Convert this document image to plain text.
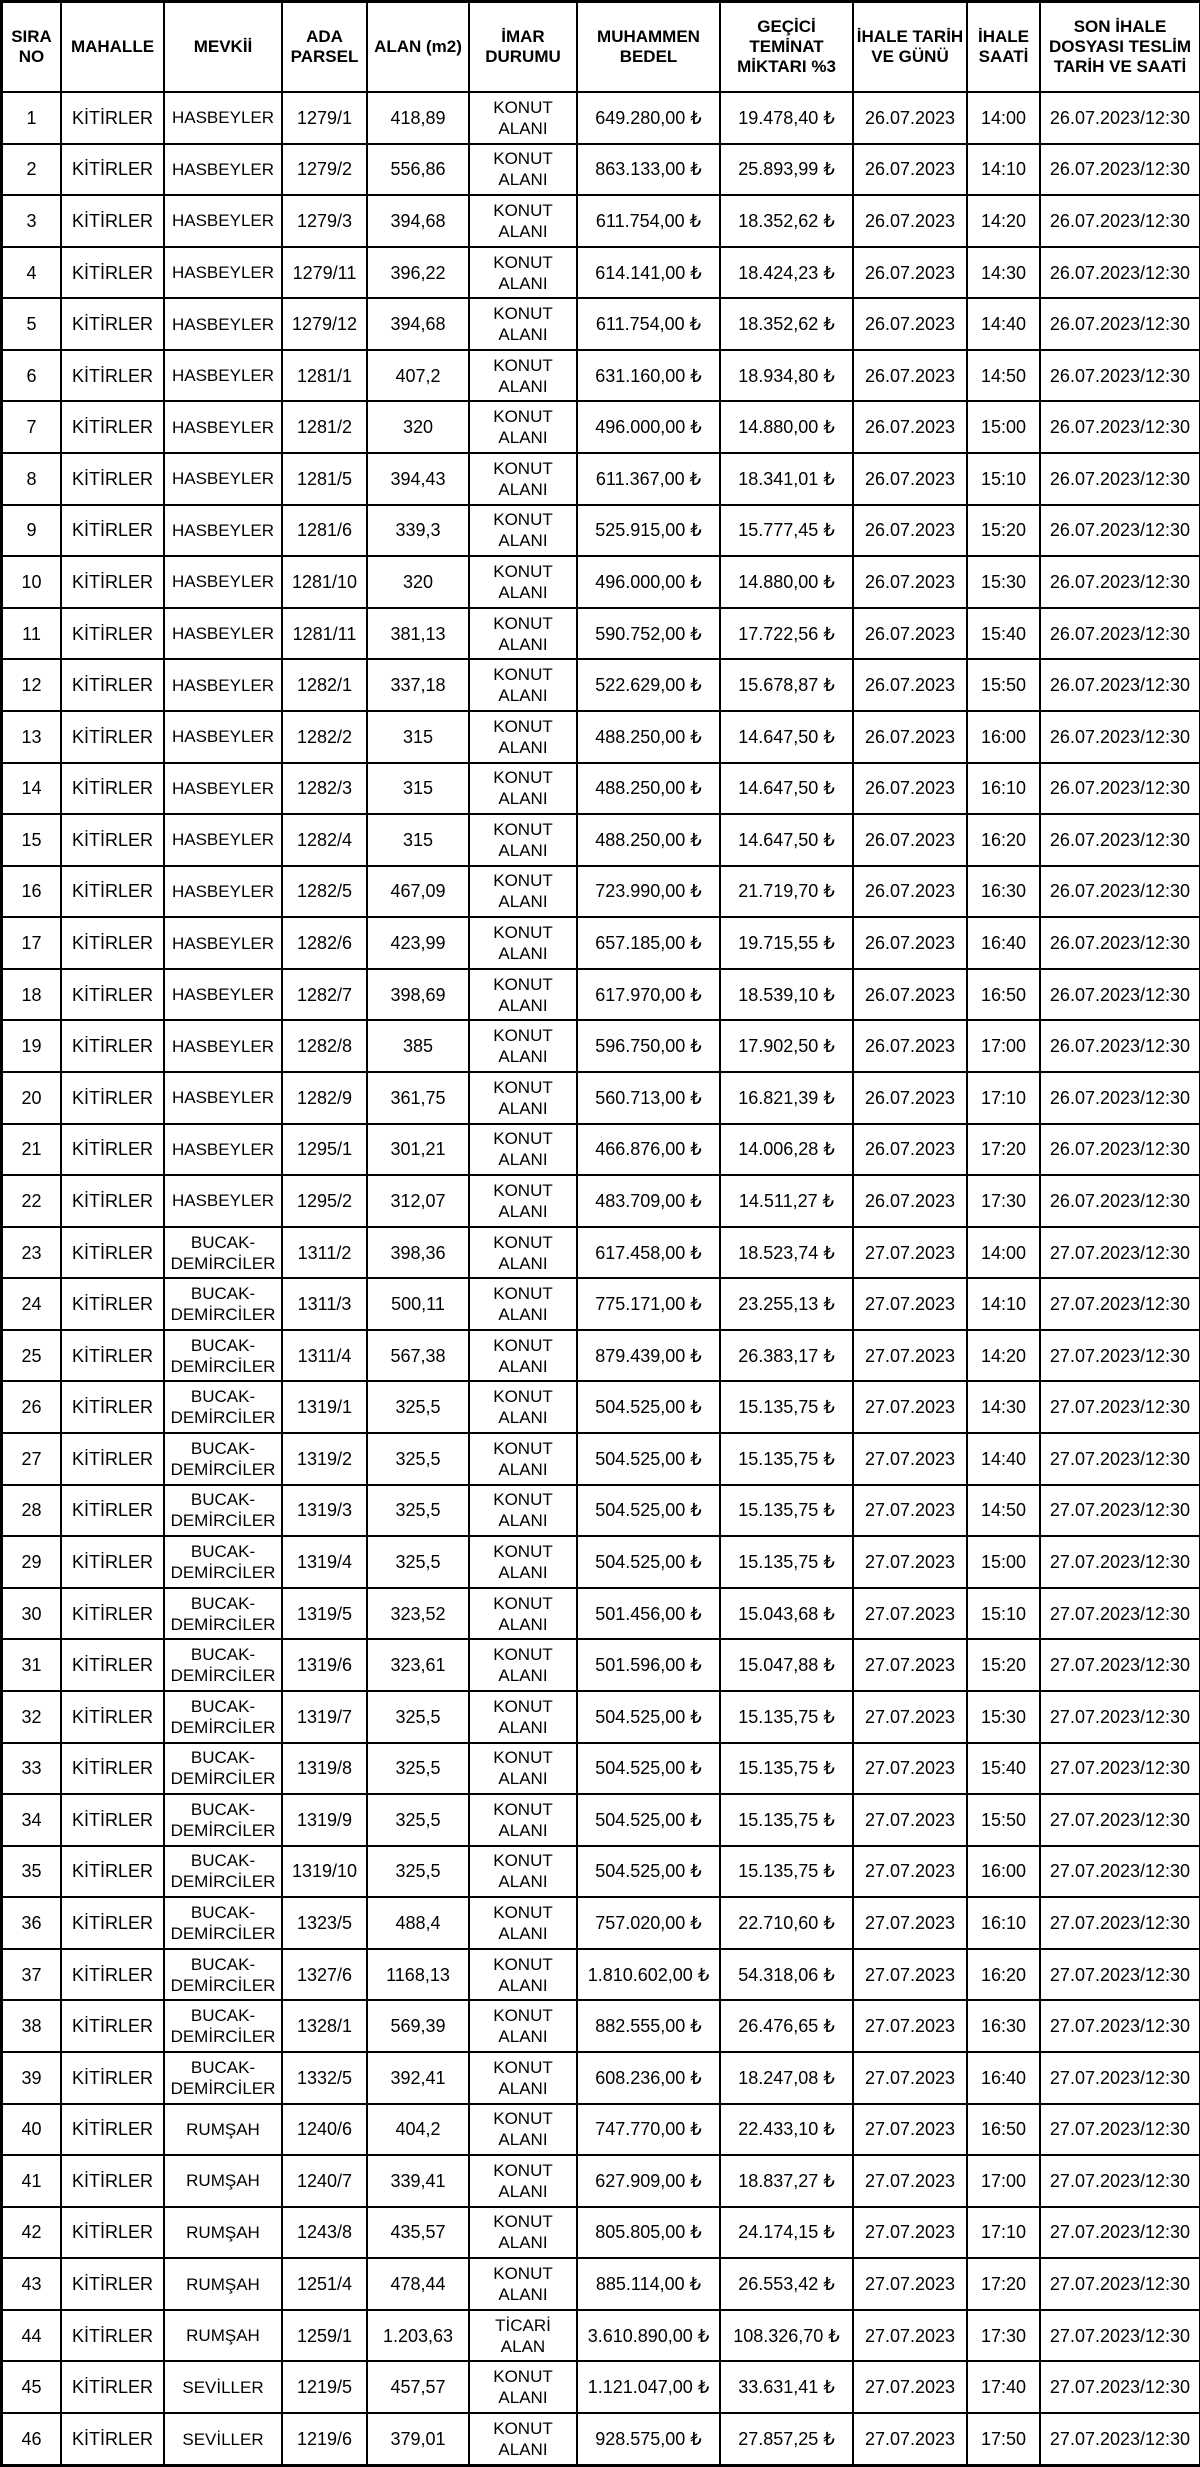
SIRA NO	MAHALLE	MEVKİİ	ADA PARSEL	ALAN (m2)	İMAR DURUMU	MUHAMMEN BEDEL	GEÇİCİ TEMİNAT MİKTARI %3	İHALE TARİH VE GÜNÜ	İHALE SAATİ	SON İHALE DOSYASI TESLİM TARİH VE SAATİ
1	KİTİRLER	HASBEYLER	1279/1	418,89	KONUT ALANI	649.280,00 ₺	19.478,40 ₺	26.07.2023	14:00	26.07.2023/12:30
2	KİTİRLER	HASBEYLER	1279/2	556,86	KONUT ALANI	863.133,00 ₺	25.893,99 ₺	26.07.2023	14:10	26.07.2023/12:30
3	KİTİRLER	HASBEYLER	1279/3	394,68	KONUT ALANI	611.754,00 ₺	18.352,62 ₺	26.07.2023	14:20	26.07.2023/12:30
4	KİTİRLER	HASBEYLER	1279/11	396,22	KONUT ALANI	614.141,00 ₺	18.424,23 ₺	26.07.2023	14:30	26.07.2023/12:30
5	KİTİRLER	HASBEYLER	1279/12	394,68	KONUT ALANI	611.754,00 ₺	18.352,62 ₺	26.07.2023	14:40	26.07.2023/12:30
6	KİTİRLER	HASBEYLER	1281/1	407,2	KONUT ALANI	631.160,00 ₺	18.934,80 ₺	26.07.2023	14:50	26.07.2023/12:30
7	KİTİRLER	HASBEYLER	1281/2	320	KONUT ALANI	496.000,00 ₺	14.880,00 ₺	26.07.2023	15:00	26.07.2023/12:30
8	KİTİRLER	HASBEYLER	1281/5	394,43	KONUT ALANI	611.367,00 ₺	18.341,01 ₺	26.07.2023	15:10	26.07.2023/12:30
9	KİTİRLER	HASBEYLER	1281/6	339,3	KONUT ALANI	525.915,00 ₺	15.777,45 ₺	26.07.2023	15:20	26.07.2023/12:30
10	KİTİRLER	HASBEYLER	1281/10	320	KONUT ALANI	496.000,00 ₺	14.880,00 ₺	26.07.2023	15:30	26.07.2023/12:30
11	KİTİRLER	HASBEYLER	1281/11	381,13	KONUT ALANI	590.752,00 ₺	17.722,56 ₺	26.07.2023	15:40	26.07.2023/12:30
12	KİTİRLER	HASBEYLER	1282/1	337,18	KONUT ALANI	522.629,00 ₺	15.678,87 ₺	26.07.2023	15:50	26.07.2023/12:30
13	KİTİRLER	HASBEYLER	1282/2	315	KONUT ALANI	488.250,00 ₺	14.647,50 ₺	26.07.2023	16:00	26.07.2023/12:30
14	KİTİRLER	HASBEYLER	1282/3	315	KONUT ALANI	488.250,00 ₺	14.647,50 ₺	26.07.2023	16:10	26.07.2023/12:30
15	KİTİRLER	HASBEYLER	1282/4	315	KONUT ALANI	488.250,00 ₺	14.647,50 ₺	26.07.2023	16:20	26.07.2023/12:30
16	KİTİRLER	HASBEYLER	1282/5	467,09	KONUT ALANI	723.990,00 ₺	21.719,70 ₺	26.07.2023	16:30	26.07.2023/12:30
17	KİTİRLER	HASBEYLER	1282/6	423,99	KONUT ALANI	657.185,00 ₺	19.715,55 ₺	26.07.2023	16:40	26.07.2023/12:30
18	KİTİRLER	HASBEYLER	1282/7	398,69	KONUT ALANI	617.970,00 ₺	18.539,10 ₺	26.07.2023	16:50	26.07.2023/12:30
19	KİTİRLER	HASBEYLER	1282/8	385	KONUT ALANI	596.750,00 ₺	17.902,50 ₺	26.07.2023	17:00	26.07.2023/12:30
20	KİTİRLER	HASBEYLER	1282/9	361,75	KONUT ALANI	560.713,00 ₺	16.821,39 ₺	26.07.2023	17:10	26.07.2023/12:30
21	KİTİRLER	HASBEYLER	1295/1	301,21	KONUT ALANI	466.876,00 ₺	14.006,28 ₺	26.07.2023	17:20	26.07.2023/12:30
22	KİTİRLER	HASBEYLER	1295/2	312,07	KONUT ALANI	483.709,00 ₺	14.511,27 ₺	26.07.2023	17:30	26.07.2023/12:30
23	KİTİRLER	BUCAK- DEMİRCİLER	1311/2	398,36	KONUT ALANI	617.458,00 ₺	18.523,74 ₺	27.07.2023	14:00	27.07.2023/12:30
24	KİTİRLER	BUCAK- DEMİRCİLER	1311/3	500,11	KONUT ALANI	775.171,00 ₺	23.255,13 ₺	27.07.2023	14:10	27.07.2023/12:30
25	KİTİRLER	BUCAK- DEMİRCİLER	1311/4	567,38	KONUT ALANI	879.439,00 ₺	26.383,17 ₺	27.07.2023	14:20	27.07.2023/12:30
26	KİTİRLER	BUCAK- DEMİRCİLER	1319/1	325,5	KONUT ALANI	504.525,00 ₺	15.135,75 ₺	27.07.2023	14:30	27.07.2023/12:30
27	KİTİRLER	BUCAK- DEMİRCİLER	1319/2	325,5	KONUT ALANI	504.525,00 ₺	15.135,75 ₺	27.07.2023	14:40	27.07.2023/12:30
28	KİTİRLER	BUCAK- DEMİRCİLER	1319/3	325,5	KONUT ALANI	504.525,00 ₺	15.135,75 ₺	27.07.2023	14:50	27.07.2023/12:30
29	KİTİRLER	BUCAK- DEMİRCİLER	1319/4	325,5	KONUT ALANI	504.525,00 ₺	15.135,75 ₺	27.07.2023	15:00	27.07.2023/12:30
30	KİTİRLER	BUCAK- DEMİRCİLER	1319/5	323,52	KONUT ALANI	501.456,00 ₺	15.043,68 ₺	27.07.2023	15:10	27.07.2023/12:30
31	KİTİRLER	BUCAK- DEMİRCİLER	1319/6	323,61	KONUT ALANI	501.596,00 ₺	15.047,88 ₺	27.07.2023	15:20	27.07.2023/12:30
32	KİTİRLER	BUCAK- DEMİRCİLER	1319/7	325,5	KONUT ALANI	504.525,00 ₺	15.135,75 ₺	27.07.2023	15:30	27.07.2023/12:30
33	KİTİRLER	BUCAK- DEMİRCİLER	1319/8	325,5	KONUT ALANI	504.525,00 ₺	15.135,75 ₺	27.07.2023	15:40	27.07.2023/12:30
34	KİTİRLER	BUCAK- DEMİRCİLER	1319/9	325,5	KONUT ALANI	504.525,00 ₺	15.135,75 ₺	27.07.2023	15:50	27.07.2023/12:30
35	KİTİRLER	BUCAK- DEMİRCİLER	1319/10	325,5	KONUT ALANI	504.525,00 ₺	15.135,75 ₺	27.07.2023	16:00	27.07.2023/12:30
36	KİTİRLER	BUCAK- DEMİRCİLER	1323/5	488,4	KONUT ALANI	757.020,00 ₺	22.710,60 ₺	27.07.2023	16:10	27.07.2023/12:30
37	KİTİRLER	BUCAK- DEMİRCİLER	1327/6	1168,13	KONUT ALANI	1.810.602,00 ₺	54.318,06 ₺	27.07.2023	16:20	27.07.2023/12:30
38	KİTİRLER	BUCAK- DEMİRCİLER	1328/1	569,39	KONUT ALANI	882.555,00 ₺	26.476,65 ₺	27.07.2023	16:30	27.07.2023/12:30
39	KİTİRLER	BUCAK- DEMİRCİLER	1332/5	392,41	KONUT ALANI	608.236,00 ₺	18.247,08 ₺	27.07.2023	16:40	27.07.2023/12:30
40	KİTİRLER	RUMŞAH	1240/6	404,2	KONUT ALANI	747.770,00 ₺	22.433,10 ₺	27.07.2023	16:50	27.07.2023/12:30
41	KİTİRLER	RUMŞAH	1240/7	339,41	KONUT ALANI	627.909,00 ₺	18.837,27 ₺	27.07.2023	17:00	27.07.2023/12:30
42	KİTİRLER	RUMŞAH	1243/8	435,57	KONUT ALANI	805.805,00 ₺	24.174,15 ₺	27.07.2023	17:10	27.07.2023/12:30
43	KİTİRLER	RUMŞAH	1251/4	478,44	KONUT ALANI	885.114,00 ₺	26.553,42 ₺	27.07.2023	17:20	27.07.2023/12:30
44	KİTİRLER	RUMŞAH	1259/1	1.203,63	TİCARİ ALAN	3.610.890,00 ₺	108.326,70 ₺	27.07.2023	17:30	27.07.2023/12:30
45	KİTİRLER	SEVİLLER	1219/5	457,57	KONUT ALANI	1.121.047,00 ₺	33.631,41 ₺	27.07.2023	17:40	27.07.2023/12:30
46	KİTİRLER	SEVİLLER	1219/6	379,01	KONUT ALANI	928.575,00 ₺	27.857,25 ₺	27.07.2023	17:50	27.07.2023/12:30
